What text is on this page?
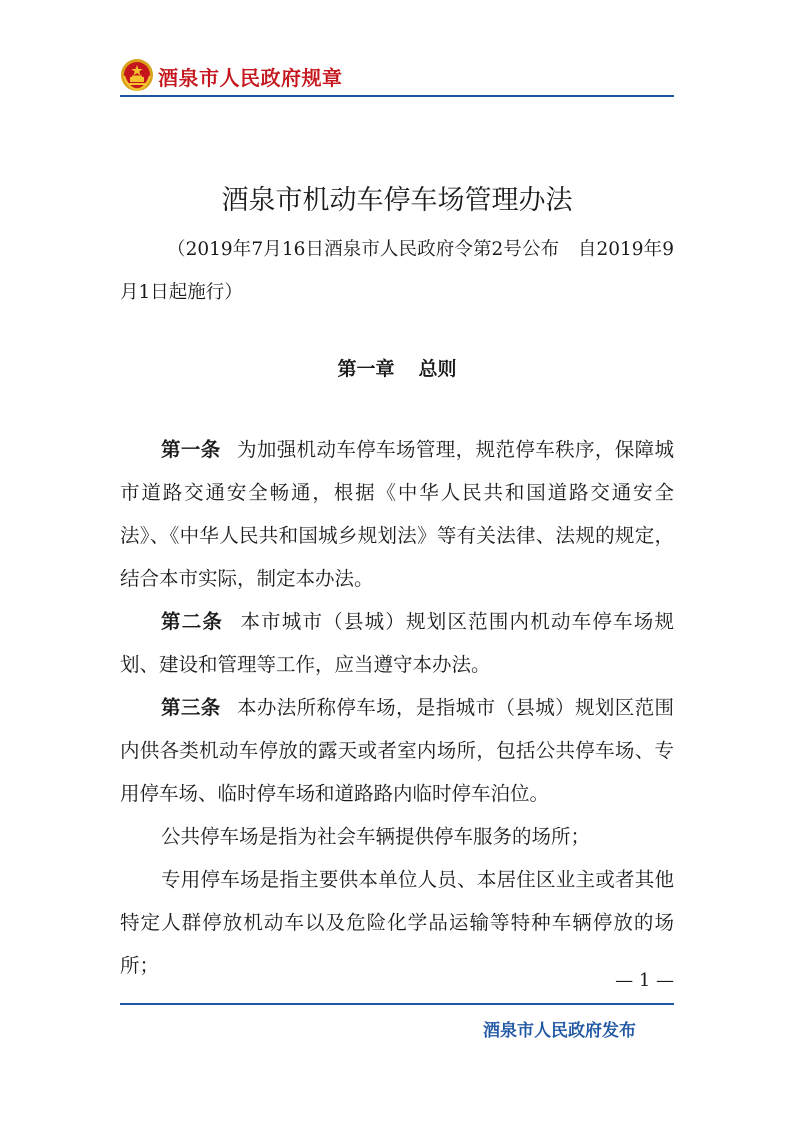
酒泉市人民政府规章
酒泉市机动车停车场管理办法
（2019年7月16日酒泉市人民政府令第2号公布　自2019年9月1日起施行）
第一章 总则

第一条 为加强机动车停车场管理，规范停车秩序，保障城市道路交通安全畅通，根据《中华人民共和国道路交通安全法》、《中华人民共和国城乡规划法》等有关法律、法规的规定，结合本市实际，制定本办法。

第二条 本市城市（县城）规划区范围内机动车停车场规划、建设和管理等工作，应当遵守本办法。

第三条 本办法所称停车场，是指城市（县城）规划区范围内供各类机动车停放的露天或者室内场所，包括公共停车场、专用停车场、临时停车场和道路路内临时停车泊位。

公共停车场是指为社会车辆提供停车服务的场所；

专用停车场是指主要供本单位人员、本居住区业主或者其他特定人群停放机动车以及危险化学品运输等特种车辆停放的场所；

— 1 —
酒泉市人民政府发布
